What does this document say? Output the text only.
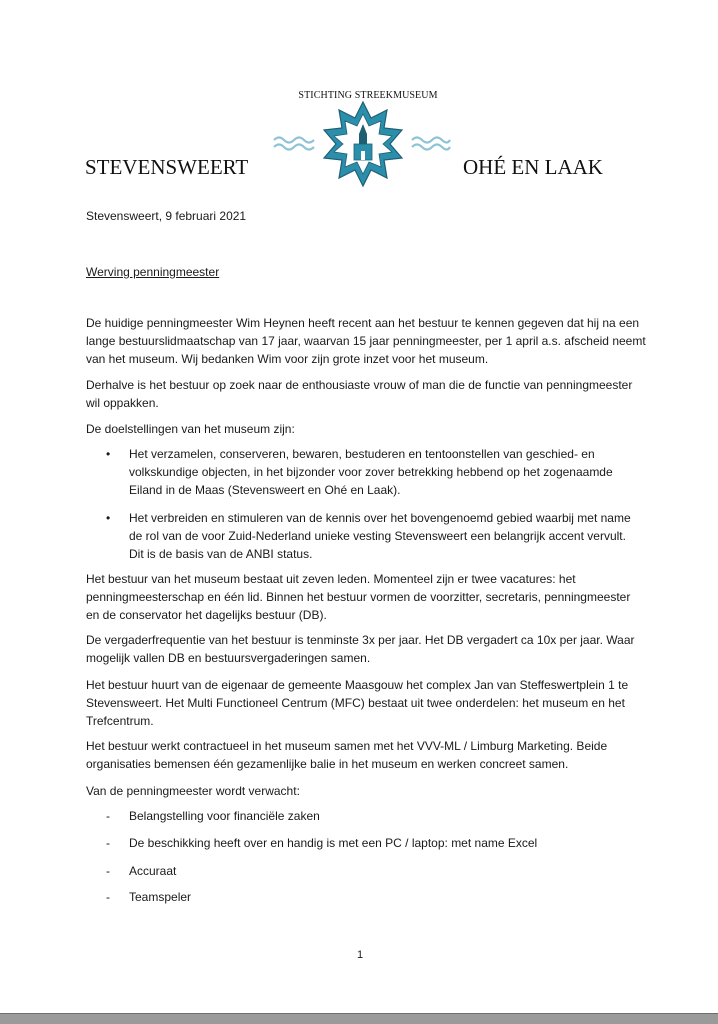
STICHTING STREEKMUSEUM
STEVENSWEERT	OHÉ EN LAAK
Stevensweert, 9 februari 2021
Werving penningmeester
De huidige penningmeester Wim Heynen heeft recent aan het bestuur te kennen gegeven dat hij na een lange bestuurslidmaatschap van 17 jaar, waarvan 15 jaar penningmeester, per 1 april a.s. afscheid neemt van het museum. Wij bedanken Wim voor zijn grote inzet voor het museum.
Derhalve is het bestuur op zoek naar de enthousiaste vrouw of man die de functie van penningmeester wil oppakken.
De doelstellingen van het museum zijn:
• Het verzamelen, conserveren, bewaren, bestuderen en tentoonstellen van geschied- en volkskundige objecten, in het bijzonder voor zover betrekking hebbend op het zogenaamde Eiland in de Maas (Stevensweert en Ohé en Laak).
• Het verbreiden en stimuleren van de kennis over het bovengenoemd gebied waarbij met name de rol van de voor Zuid-Nederland unieke vesting Stevensweert een belangrijk accent vervult. Dit is de basis van de ANBI status.
Het bestuur van het museum bestaat uit zeven leden. Momenteel zijn er twee vacatures: het penningmeesterschap en één lid. Binnen het bestuur vormen de voorzitter, secretaris, penningmeester en de conservator het dagelijks bestuur (DB).
De vergaderfrequentie van het bestuur is tenminste 3x per jaar. Het DB vergadert ca 10x per jaar. Waar mogelijk vallen DB en bestuursvergaderingen samen.
Het bestuur huurt van de eigenaar de gemeente Maasgouw het complex Jan van Steffeswertplein 1 te Stevensweert. Het Multi Functioneel Centrum (MFC) bestaat uit twee onderdelen: het museum en het Trefcentrum.
Het bestuur werkt contractueel in het museum samen met het VVV-ML / Limburg Marketing. Beide organisaties bemensen één gezamenlijke balie in het museum en werken concreet samen.
Van de penningmeester wordt verwacht:
- Belangstelling voor financiële zaken
- De beschikking heeft over en handig is met een PC / laptop: met name Excel
- Accuraat
- Teamspeler
1
